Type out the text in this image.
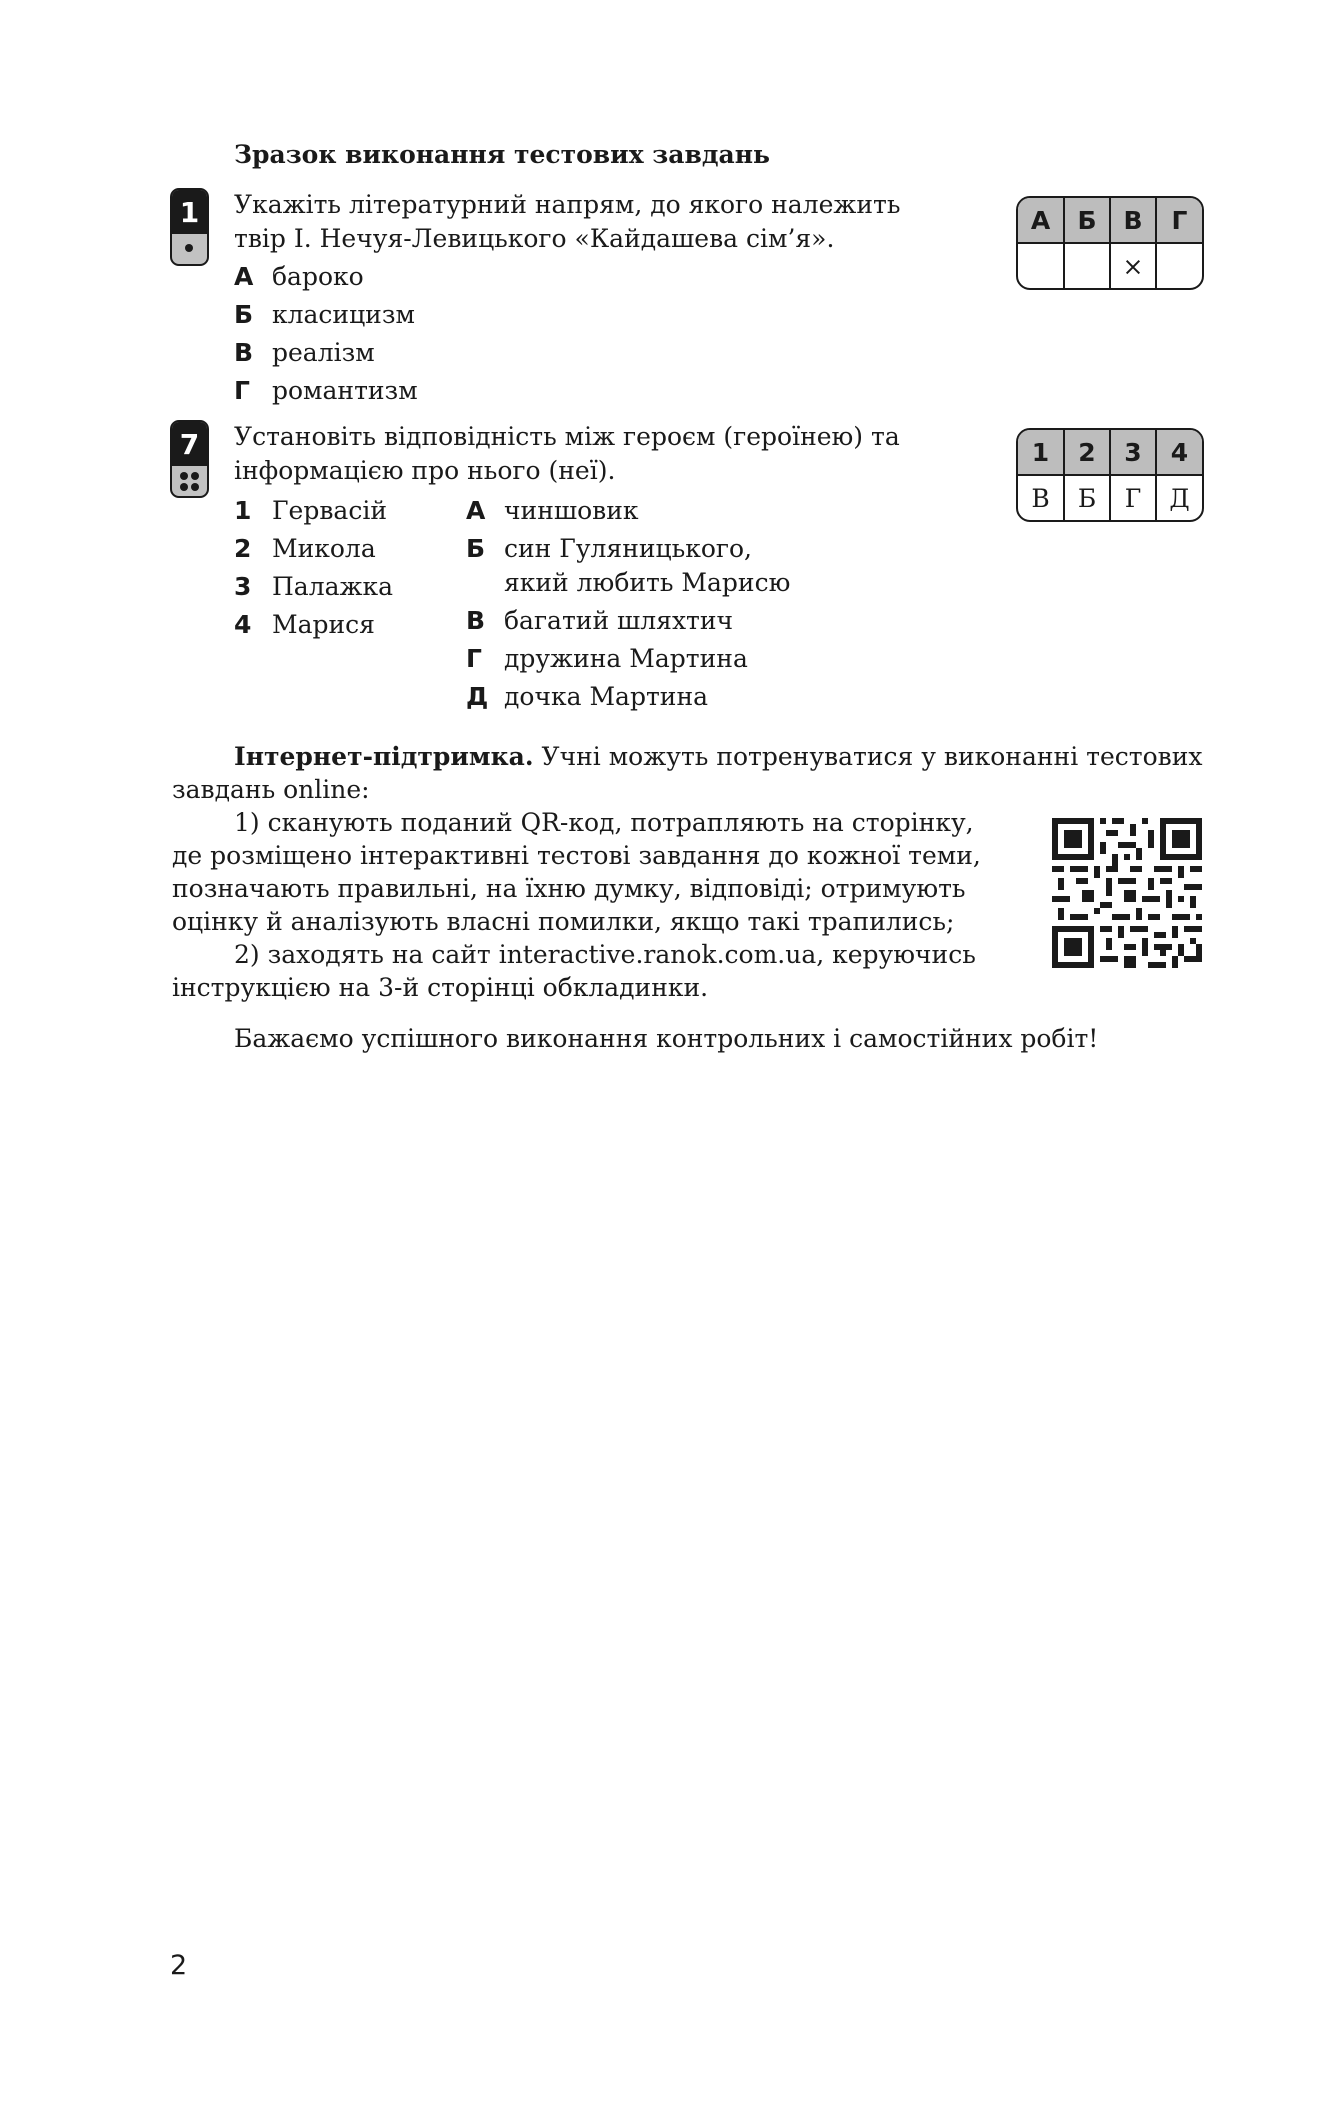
Зразок виконання тестових завдань
1	Укажіть літературний напрям, до якого належить
твір І. Нечуя-Левицького «Кайдашева сім’я».
А бароко
Б класицизм
В реалізм
Г романтизм
А	Б	В	Г
		×	
7	Установіть відповідність між героєм (героїнею) та
інформацією про нього (неї).
1 Гервасій
2 Микола
3 Палажка
4 Марися
А чиншовик
Б син Гуляницького,
який любить Марисю
В багатий шляхтич
Г дружина Мартина
Д дочка Мартина
1	2	3	4
В	Б	Г	Д
Інтернет-підтримка. Учні можуть потренуватися у виконанні тестових
завдань online:
1) сканують поданий QR-код, потрапляють на сторінку,
де розміщено інтерактивні тестові завдання до кожної теми,
позначають правильні, на їхню думку, відповіді; отримують
оцінку й аналізують власні помилки, якщо такі трапились;
2) заходять на сайт interactive.ranok.com.ua, керуючись
інструкцією на 3-й сторінці обкладинки.
Бажаємо успішного виконання контрольних і самостійних робіт!
2
